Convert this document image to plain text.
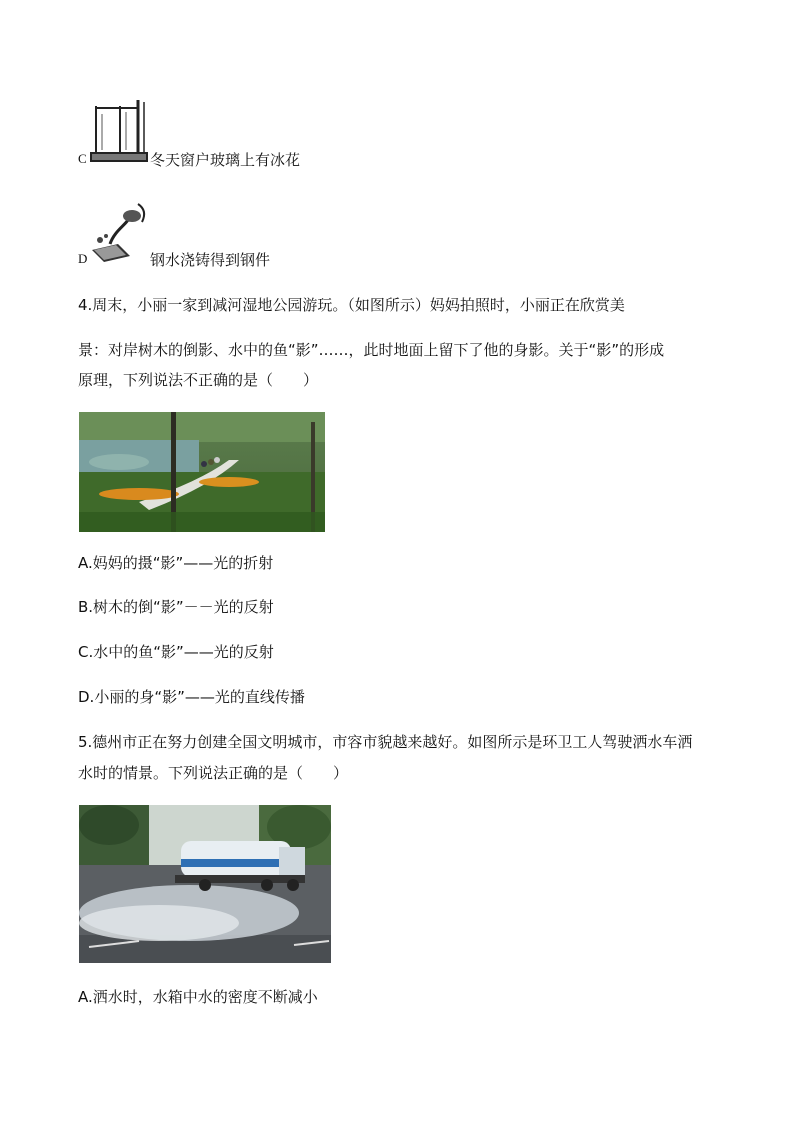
C	冬天窗户玻璃上有冰花
D	钢水浇铸得到钢件
4.周末，小丽一家到减河湿地公园游玩。（如图所示）妈妈拍照时，小丽正在欣赏美
景：对岸树木的倒影、水中的鱼“影”……，此时地面上留下了他的身影。关于“影”的形成
原理，下列说法不正确的是（　　）
A.妈妈的摄“影”——光的折射
B.树木的倒“影”－－光的反射
C.水中的鱼“影”——光的反射
D.小丽的身“影”——光的直线传播
5.德州市正在努力创建全国文明城市，市容市貌越来越好。如图所示是环卫工人驾驶洒水车洒
水时的情景。下列说法正确的是（　　）
A.洒水时，水箱中水的密度不断减小
